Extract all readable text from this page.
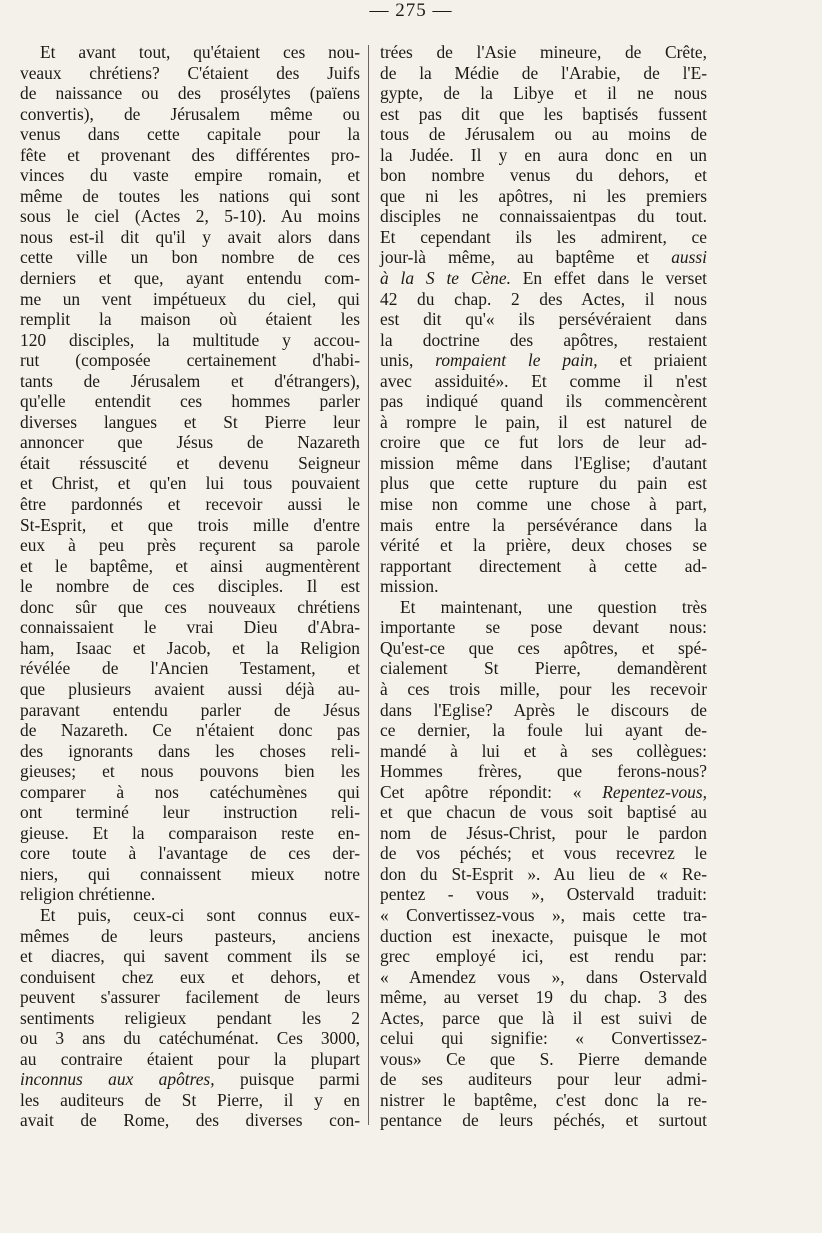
— 275 —
Et avant tout, qu'étaient ces nou-
veaux chrétiens? C'étaient des Juifs
de naissance ou des prosélytes (païens
convertis), de Jérusalem même ou
venus dans cette capitale pour la
fête et provenant des différentes pro-
vinces du vaste empire romain, et
même de toutes les nations qui sont
sous le ciel (Actes 2, 5-10). Au moins
nous est-il dit qu'il y avait alors dans
cette ville un bon nombre de ces
derniers et que, ayant entendu com-
me un vent impétueux du ciel, qui
remplit la maison où étaient les
120 disciples, la multitude y accou-
rut (composée certainement d'habi-
tants de Jérusalem et d'étrangers),
qu'elle entendit ces hommes parler
diverses langues et St Pierre leur
annoncer que Jésus de Nazareth
était réssuscité et devenu Seigneur
et Christ, et qu'en lui tous pouvaient
être pardonnés et recevoir aussi le
St-Esprit, et que trois mille d'entre
eux à peu près reçurent sa parole
et le baptême, et ainsi augmentèrent
le nombre de ces disciples. Il est
donc sûr que ces nouveaux chrétiens
connaissaient le vrai Dieu d'Abra-
ham, Isaac et Jacob, et la Religion
révélée de l'Ancien Testament, et
que plusieurs avaient aussi déjà au-
paravant entendu parler de Jésus
de Nazareth. Ce n'étaient donc pas
des ignorants dans les choses reli-
gieuses; et nous pouvons bien les
comparer à nos catéchumènes qui
ont terminé leur instruction reli-
gieuse. Et la comparaison reste en-
core toute à l'avantage de ces der-
niers, qui connaissent mieux notre
religion chrétienne.
Et puis, ceux-ci sont connus eux-
mêmes de leurs pasteurs, anciens
et diacres, qui savent comment ils se
conduisent chez eux et dehors, et
peuvent s'assurer facilement de leurs
sentiments religieux pendant les 2
ou 3 ans du catéchuménat. Ces 3000,
au contraire étaient pour la plupart
inconnus aux apôtres, puisque parmi
les auditeurs de St Pierre, il y en
avait de Rome, des diverses con-
trées de l'Asie mineure, de Crête,
de la Médie de l'Arabie, de l'E-
gypte, de la Libye et il ne nous
est pas dit que les baptisés fussent
tous de Jérusalem ou au moins de
la Judée. Il y en aura donc en un
bon nombre venus du dehors, et
que ni les apôtres, ni les premiers
disciples ne connaissaientpas du tout.
Et cependant ils les admirent, ce
jour-là même, au baptême et aussi
à la S te Cène. En effet dans le verset
42 du chap. 2 des Actes, il nous
est dit qu'« ils persévéraient dans
la doctrine des apôtres, restaient
unis, rompaient le pain, et priaient
avec assiduité». Et comme il n'est
pas indiqué quand ils commencèrent
à rompre le pain, il est naturel de
croire que ce fut lors de leur ad-
mission même dans l'Eglise; d'autant
plus que cette rupture du pain est
mise non comme une chose à part,
mais entre la persévérance dans la
vérité et la prière, deux choses se
rapportant directement à cette ad-
mission.
Et maintenant, une question très
importante se pose devant nous:
Qu'est-ce que ces apôtres, et spé-
cialement St Pierre, demandèrent
à ces trois mille, pour les recevoir
dans l'Eglise? Après le discours de
ce dernier, la foule lui ayant de-
mandé à lui et à ses collègues:
Hommes frères, que ferons-nous?
Cet apôtre répondit: « Repentez-vous,
et que chacun de vous soit baptisé au
nom de Jésus-Christ, pour le pardon
de vos péchés; et vous recevrez le
don du St-Esprit ». Au lieu de « Re-
pentez - vous », Ostervald traduit:
« Convertissez-vous », mais cette tra-
duction est inexacte, puisque le mot
grec employé ici, est rendu par:
« Amendez vous », dans Ostervald
même, au verset 19 du chap. 3 des
Actes, parce que là il est suivi de
celui qui signifie: « Convertissez-
vous» Ce que S. Pierre demande
de ses auditeurs pour leur admi-
nistrer le baptême, c'est donc la re-
pentance de leurs péchés, et surtout
